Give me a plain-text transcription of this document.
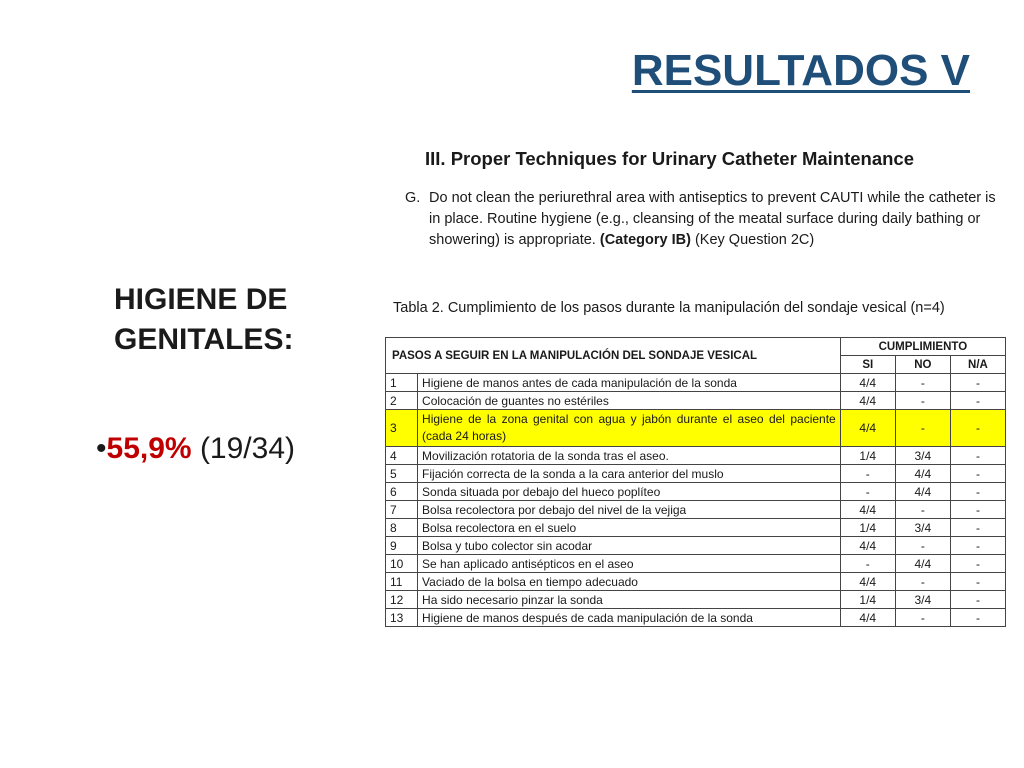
RESULTADOS V
HIGIENE DE
GENITALES:
•55,9% (19/34)
III. Proper Techniques for Urinary Catheter Maintenance
G. Do not clean the periurethral area with antiseptics to prevent CAUTI while the catheter is in place. Routine hygiene (e.g., cleansing of the meatal surface during daily bathing or showering) is appropriate. (Category IB) (Key Question 2C)
Tabla 2. Cumplimiento de los pasos durante la manipulación del sondaje vesical (n=4)
PASOS A SEGUIR EN LA MANIPULACIÓN DEL SONDAJE VESICAL		CUMPLIMIENTO		
		SI	NO	N/A
1	Higiene de manos antes de cada manipulación de la sonda	4/4	-	-
2	Colocación de guantes no estériles	4/4	-	-
3	Higiene de la zona genital con agua y jabón durante el aseo del paciente (cada 24 horas)	4/4	-	-
4	Movilización rotatoria de la sonda tras el aseo.	1/4	3/4	-
5	Fijación correcta de la sonda a la cara anterior del muslo	-	4/4	-
6	Sonda situada por debajo del hueco poplíteo	-	4/4	-
7	Bolsa recolectora por debajo del nivel de la vejiga	4/4	-	-
8	Bolsa recolectora en el suelo	1/4	3/4	-
9	Bolsa y tubo colector sin acodar	4/4	-	-
10	Se han aplicado antisépticos en el aseo	-	4/4	-
11	Vaciado de la bolsa en tiempo adecuado	4/4	-	-
12	Ha sido necesario pinzar la sonda	1/4	3/4	-
13	Higiene de manos después de cada manipulación de la sonda	4/4	-	-
